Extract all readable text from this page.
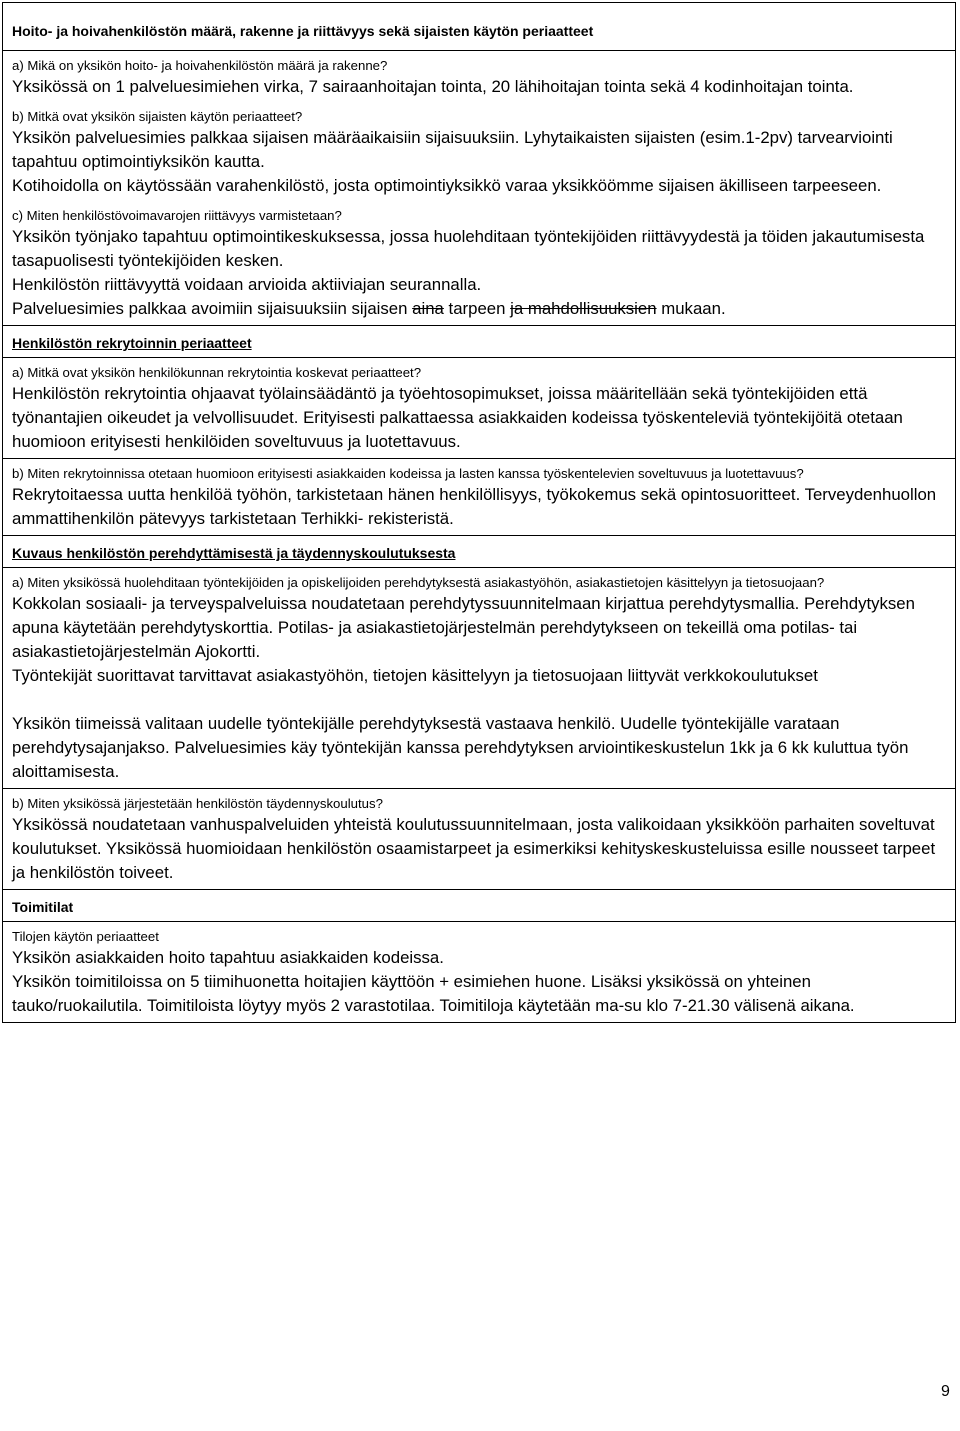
Hoito- ja hoivahenkilöstön määrä, rakenne ja riittävyys sekä sijaisten käytön periaatteet

a) Mikä on yksikön hoito- ja hoivahenkilöstön määrä ja rakenne?
Yksikössä on 1 palveluesimiehen virka, 7 sairaanhoitajan tointa, 20 lähihoitajan tointa sekä 4 kodinhoitajan tointa.
b) Mitkä ovat yksikön sijaisten käytön periaatteet?
Yksikön palveluesimies palkkaa sijaisen määräaikaisiin sijaisuuksiin. Lyhytaikaisten sijaisten (esim.1-2pv) tarvearviointi tapahtuu optimointiyksikön kautta.
Kotihoidolla on käytössään varahenkilöstö, josta optimointiyksikkö varaa yksikköömme sijaisen äkilliseen tarpeeseen.
c) Miten henkilöstövoimavarojen riittävyys varmistetaan?
Yksikön työnjako tapahtuu optimointikeskuksessa, jossa huolehditaan työntekijöiden riittävyydestä ja töiden jakautumisesta tasapuolisesti työntekijöiden kesken.
Henkilöstön riittävyyttä voidaan arvioida aktiiviajan seurannalla.
Palveluesimies palkkaa avoimiin sijaisuuksiin sijaisen aina tarpeen ja mahdollisuuksien mukaan.

Henkilöstön rekrytoinnin periaatteet

a) Mitkä ovat yksikön henkilökunnan rekrytointia koskevat periaatteet?
Henkilöstön rekrytointia ohjaavat työlainsäädäntö ja työehtosopimukset, joissa määritellään sekä työntekijöiden että työnantajien oikeudet ja velvollisuudet. Erityisesti palkattaessa asiakkaiden kodeissa työskenteleviä työntekijöitä otetaan huomioon erityisesti henkilöiden soveltuvuus ja luotettavuus.

b) Miten rekrytoinnissa otetaan huomioon erityisesti asiakkaiden kodeissa ja lasten kanssa työskentelevien soveltuvuus ja luotettavuus?
Rekrytoitaessa uutta henkilöä työhön, tarkistetaan hänen henkilöllisyys, työkokemus sekä opintosuoritteet. Terveydenhuollon ammattihenkilön pätevyys tarkistetaan Terhikki- rekisteristä.

Kuvaus henkilöstön perehdyttämisestä ja täydennyskoulutuksesta

a) Miten yksikössä huolehditaan työntekijöiden ja opiskelijoiden perehdytyksestä asiakastyöhön, asiakastietojen käsittelyyn ja tietosuojaan?
Kokkolan sosiaali- ja terveyspalveluissa noudatetaan perehdytyssuunnitelmaan kirjattua perehdytysmallia. Perehdytyksen apuna käytetään perehdytyskorttia. Potilas- ja asiakastietojärjestelmän perehdytykseen on tekeillä oma potilas- tai asiakastietojärjestelmän Ajokortti.
Työntekijät suorittavat tarvittavat asiakastyöhön, tietojen käsittelyyn ja tietosuojaan liittyvät verkkokoulutukset
Yksikön tiimeissä valitaan uudelle työntekijälle perehdytyksestä vastaava henkilö. Uudelle työntekijälle varataan perehdytysajanjakso. Palveluesimies käy työntekijän kanssa perehdytyksen arviointikeskustelun 1kk ja 6 kk kuluttua työn aloittamisesta.

b) Miten yksikössä järjestetään henkilöstön täydennyskoulutus?
Yksikössä noudatetaan vanhuspalveluiden yhteistä koulutussuunnitelmaan, josta valikoidaan yksikköön parhaiten soveltuvat koulutukset. Yksikössä huomioidaan henkilöstön osaamistarpeet ja esimerkiksi kehityskeskusteluissa esille nousseet tarpeet ja henkilöstön toiveet.

Toimitilat

Tilojen käytön periaatteet
Yksikön asiakkaiden hoito tapahtuu asiakkaiden kodeissa.
Yksikön toimitiloissa on 5 tiimihuonetta hoitajien käyttöön + esimiehen huone. Lisäksi yksikössä on yhteinen tauko/ruokailutila. Toimitiloista löytyy myös 2 varastotilaa. Toimitiloja käytetään ma-su klo 7-21.30 välisenä aikana.
9
